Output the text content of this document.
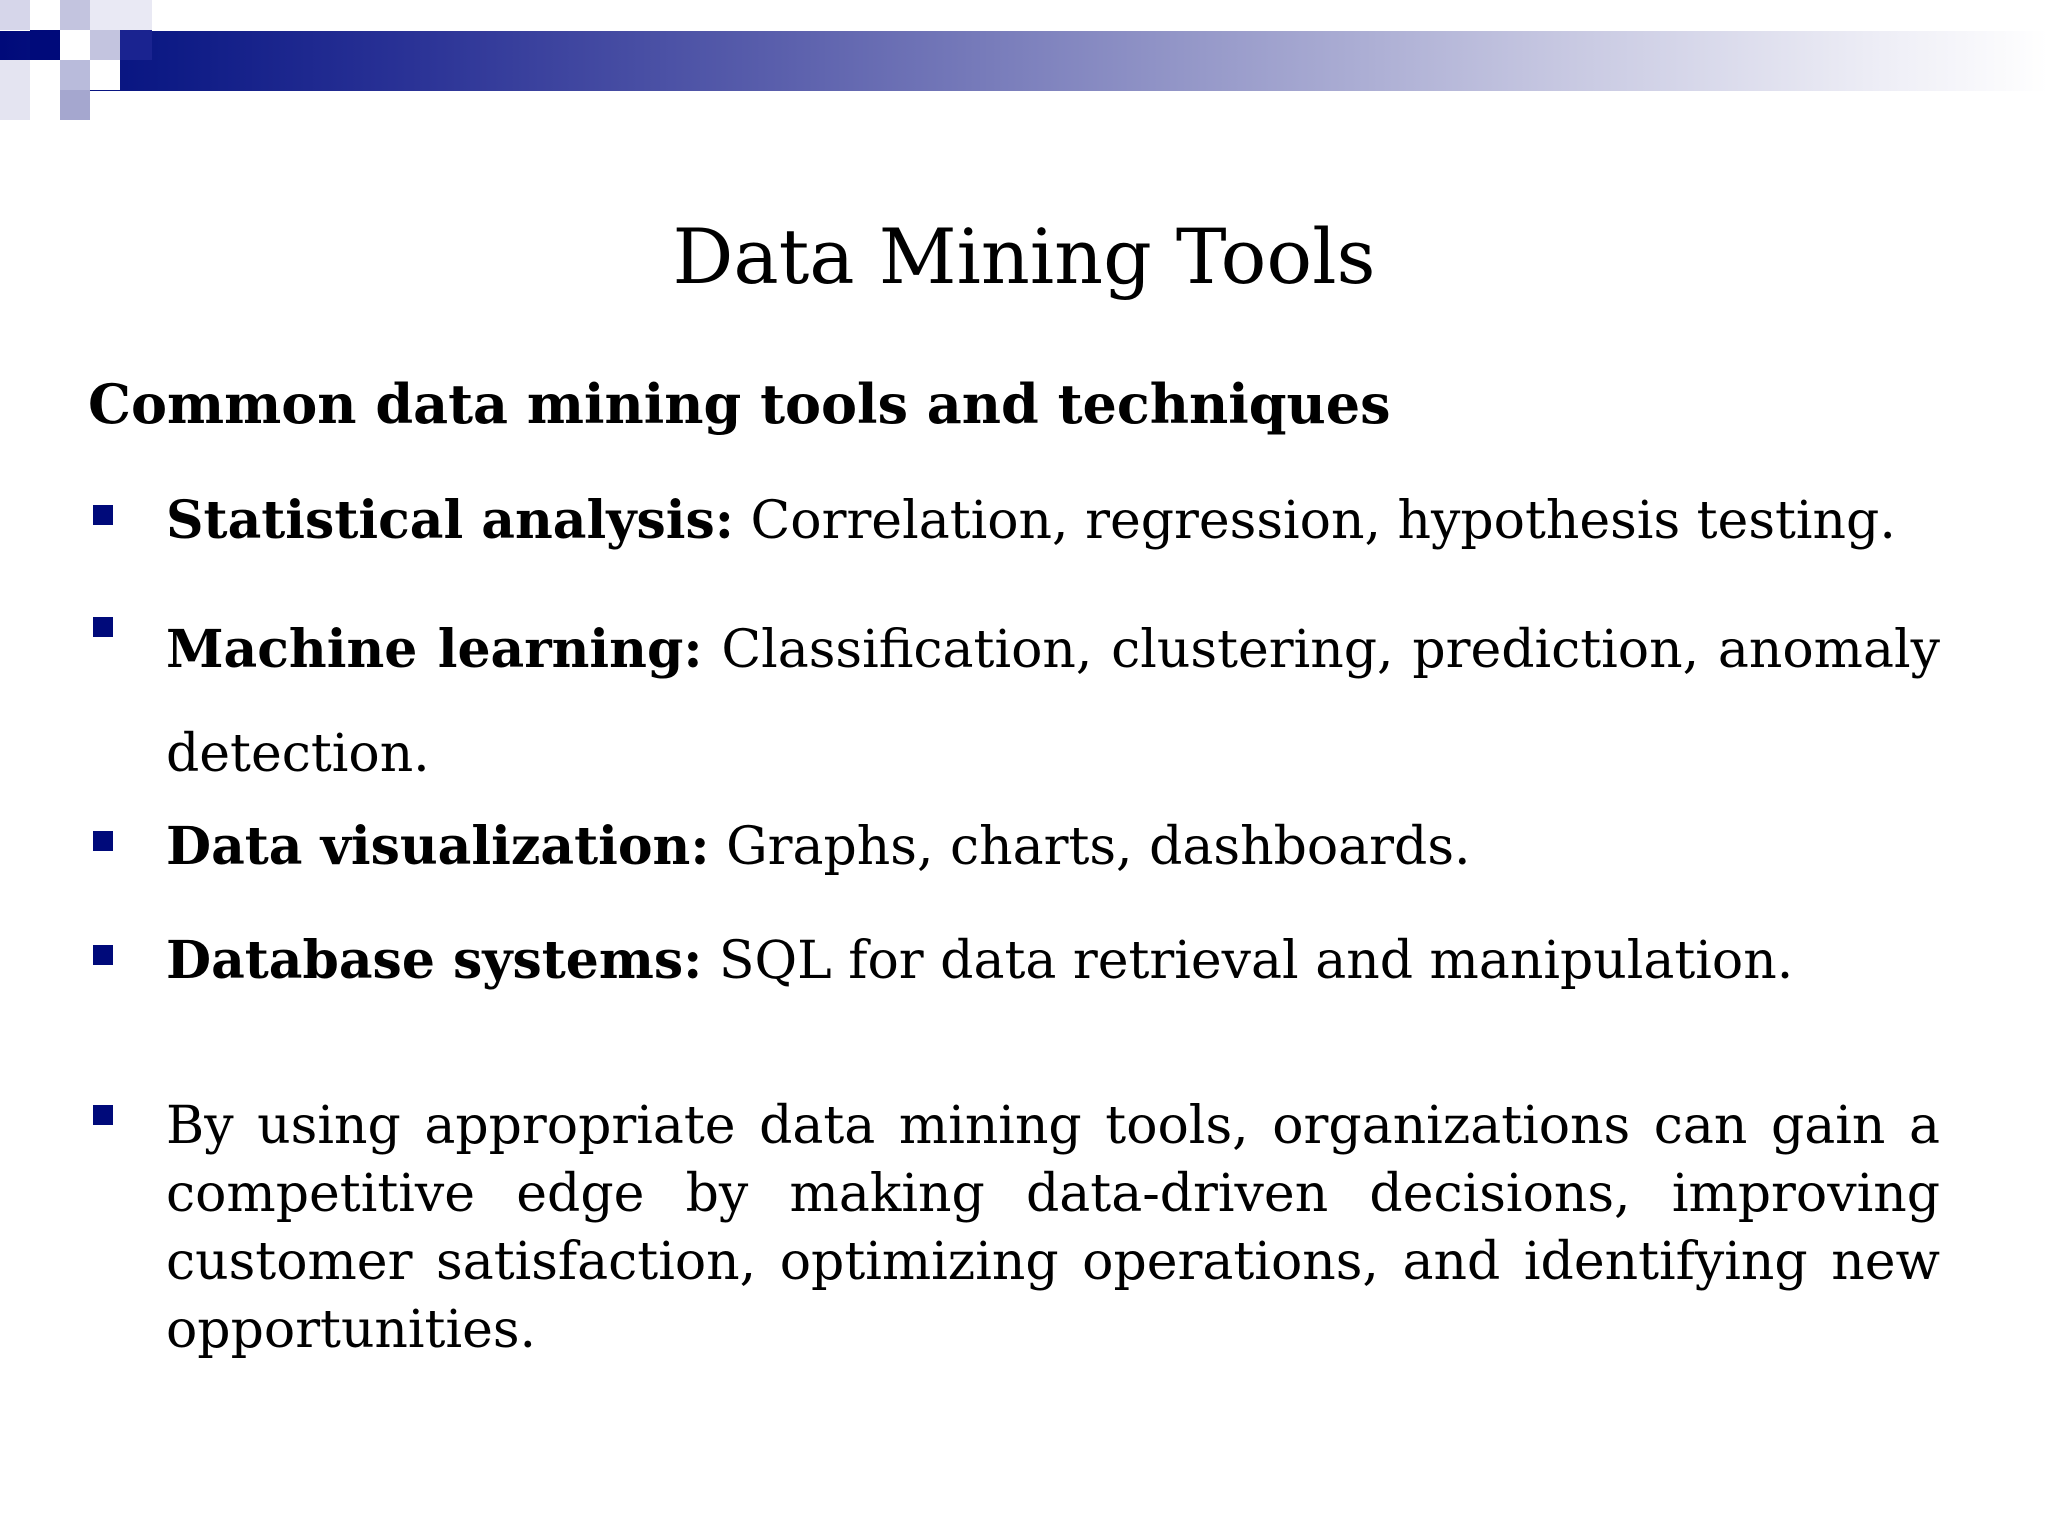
Data Mining Tools
Common data mining tools and techniques
Statistical analysis: Correlation, regression, hypothesis testing.
Machine learning: Classification, clustering, prediction, anomaly detection.
Data visualization: Graphs, charts, dashboards.
Database systems: SQL for data retrieval and manipulation.
By using appropriate data mining tools, organizations can gain a competitive edge by making data-driven decisions, improving customer satisfaction, optimizing operations, and identifying new opportunities.
